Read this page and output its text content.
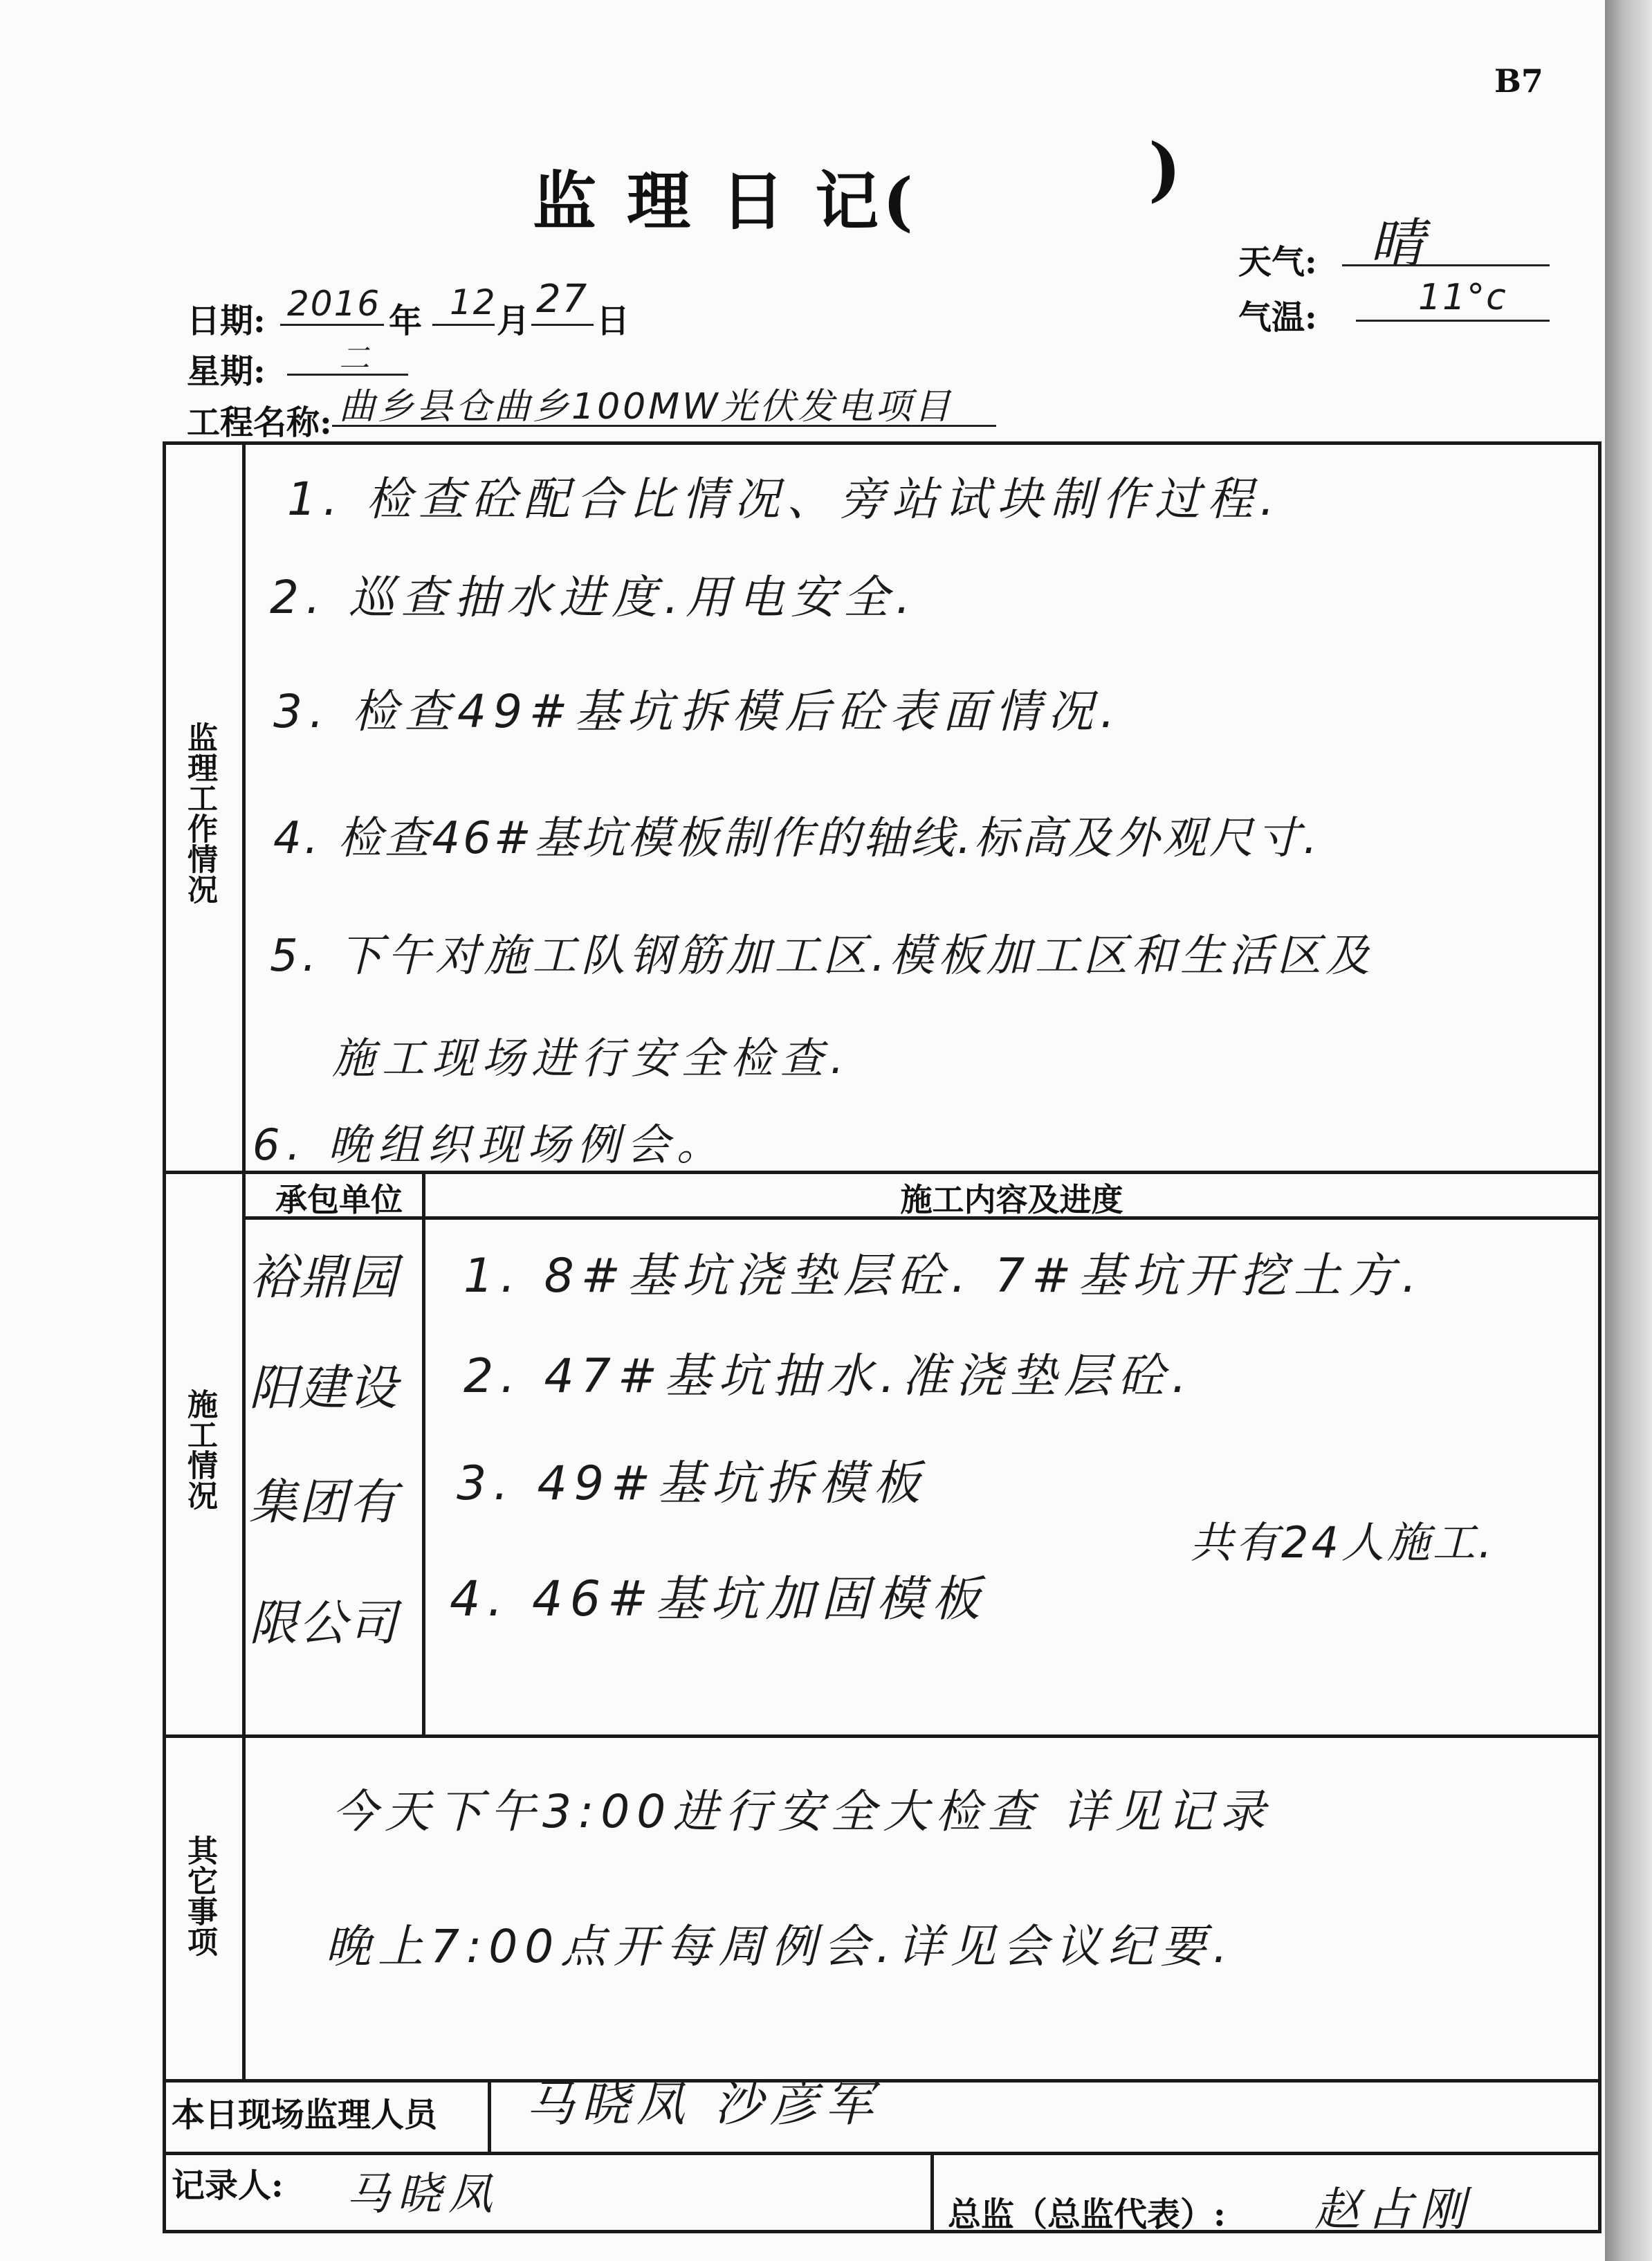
B7
监 理 日 记(	)
天气: 晴
气温:	11°c
日期: 2016 年 12 月 27 日
星期: 二
工程名称: 曲乡县仓曲乡100MW光伏发电项目
监理工作情况
1. 检查砼配合比情况、旁站试块制作过程.
2. 巡查抽水进度.用电安全.
3. 检查49#基坑拆模后砼表面情况.
4. 检查46#基坑模板制作的轴线.标高及外观尺寸.
5. 下午对施工队钢筋加工区.模板加工区和生活区及
施工现场进行安全检查.
6. 晚组织现场例会。
施工情况
承包单位	施工内容及进度
裕鼎园
阳建设
集团有
限公司
1. 8#基坑浇垫层砼. 7#基坑开挖土方.
2. 47#基坑抽水.准浇垫层砼.
3. 49#基坑拆模板
4. 46#基坑加固模板
共有24人施工.
其它事项
今天下午3:00进行安全大检查 详见记录
晚上7:00点开每周例会.详见会议纪要.
本日现场监理人员 马晓凤 沙彦军
记录人: 马晓凤	总监（总监代表）: 赵占刚
